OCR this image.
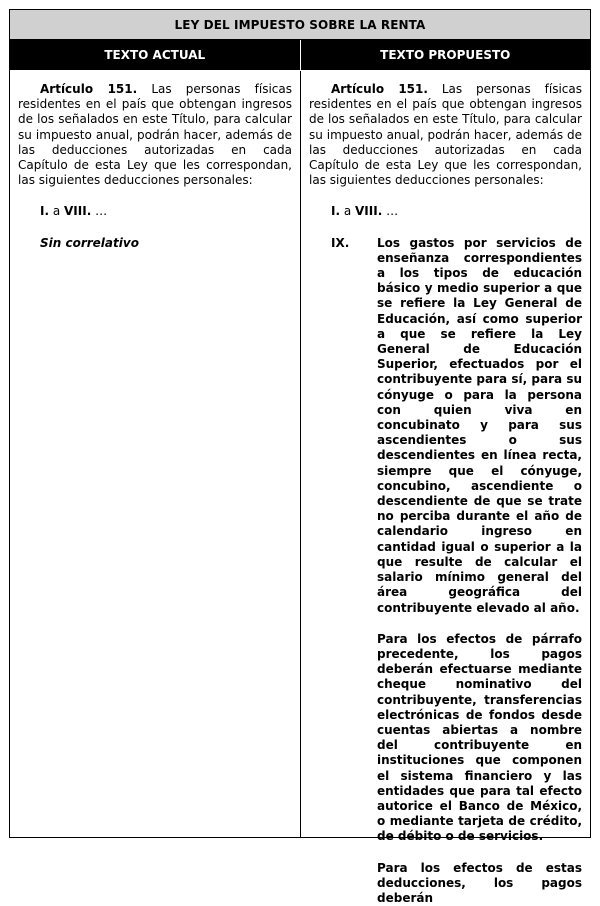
LEY DEL IMPUESTO SOBRE LA RENTA
TEXTO ACTUAL	TEXTO PROPUESTO

Artículo 151. Las personas físicas residentes en el país que obtengan ingresos de los señalados en este Título, para calcular su impuesto anual, podrán hacer, además de las deducciones autorizadas en cada Capítulo de esta Ley que les correspondan, las siguientes deducciones personales:

I. a VIII. …

Sin correlativo

Artículo 151. Las personas físicas residentes en el país que obtengan ingresos de los señalados en este Título, para calcular su impuesto anual, podrán hacer, además de las deducciones autorizadas en cada Capítulo de esta Ley que les correspondan, las siguientes deducciones personales:

I. a VIII. …

IX.	Los gastos por servicios de enseñanza correspondientes a los tipos de educación básico y medio superior a que se refiere la Ley General de Educación, así como superior a que se refiere la Ley General de Educación Superior, efectuados por el contribuyente para sí, para su cónyuge o para la persona con quien viva en concubinato y para sus ascendientes o sus descendientes en línea recta, siempre que el cónyuge, concubino, ascendiente o descendiente de que se trate no perciba durante el año de calendario ingreso en cantidad igual o superior a la que resulte de calcular el salario mínimo general del área geográfica del contribuyente elevado al año.

Para los efectos de párrafo precedente, los pagos deberán efectuarse mediante cheque nominativo del contribuyente, transferencias electrónicas de fondos desde cuentas abiertas a nombre del contribuyente en instituciones que componen el sistema financiero y las entidades que para tal efecto autorice el Banco de México, o mediante tarjeta de crédito, de débito o de servicios.

Para los efectos de estas deducciones, los pagos deberán
